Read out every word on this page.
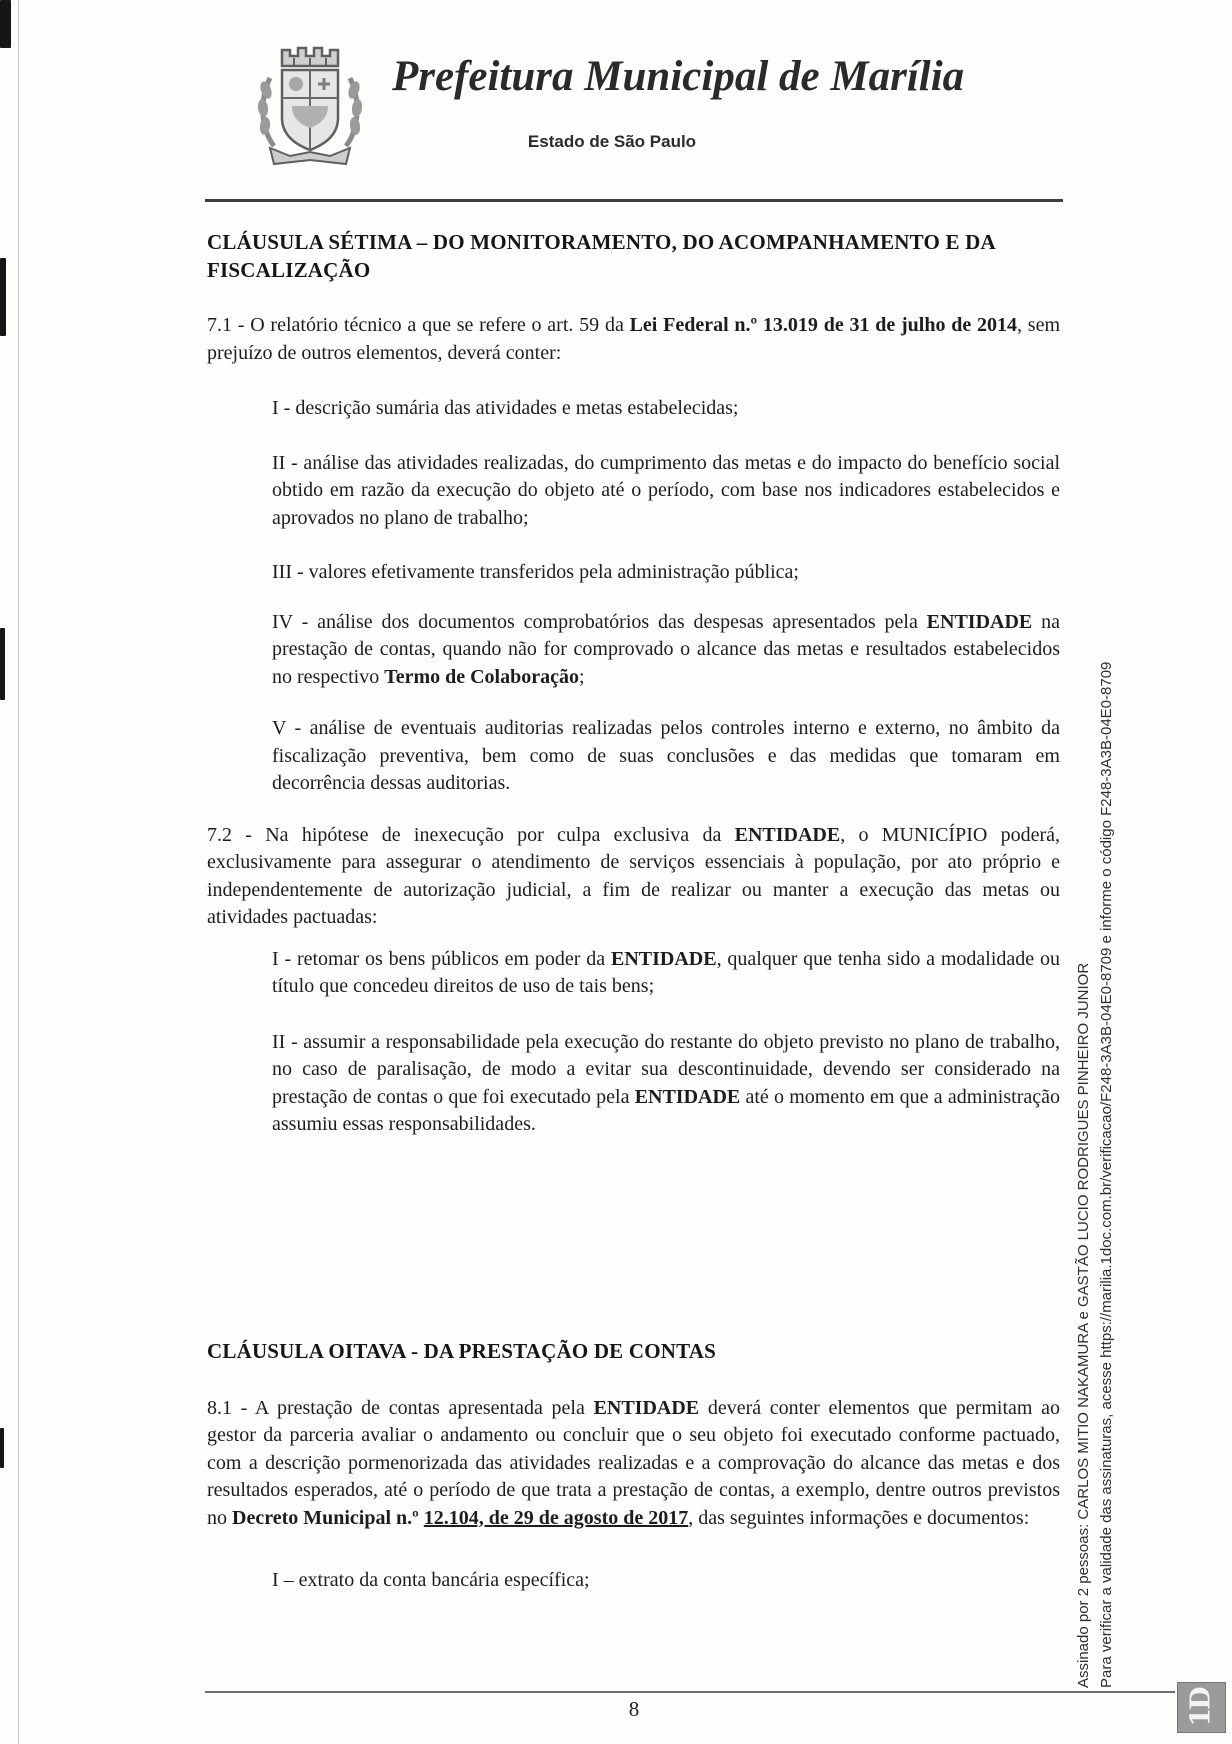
Prefeitura Municipal de Marília
Estado de São Paulo
CLÁUSULA SÉTIMA – DO MONITORAMENTO, DO ACOMPANHAMENTO E DA FISCALIZAÇÃO
7.1 - O relatório técnico a que se refere o art. 59 da Lei Federal n.º 13.019 de 31 de julho de 2014, sem prejuízo de outros elementos, deverá conter:
I - descrição sumária das atividades e metas estabelecidas;
II - análise das atividades realizadas, do cumprimento das metas e do impacto do benefício social obtido em razão da execução do objeto até o período, com base nos indicadores estabelecidos e aprovados no plano de trabalho;
III - valores efetivamente transferidos pela administração pública;
IV - análise dos documentos comprobatórios das despesas apresentados pela ENTIDADE na prestação de contas, quando não for comprovado o alcance das metas e resultados estabelecidos no respectivo Termo de Colaboração;
V - análise de eventuais auditorias realizadas pelos controles interno e externo, no âmbito da fiscalização preventiva, bem como de suas conclusões e das medidas que tomaram em decorrência dessas auditorias.
7.2 - Na hipótese de inexecução por culpa exclusiva da ENTIDADE, o MUNICÍPIO poderá, exclusivamente para assegurar o atendimento de serviços essenciais à população, por ato próprio e independentemente de autorização judicial, a fim de realizar ou manter a execução das metas ou atividades pactuadas:
I - retomar os bens públicos em poder da ENTIDADE, qualquer que tenha sido a modalidade ou título que concedeu direitos de uso de tais bens;
II - assumir a responsabilidade pela execução do restante do objeto previsto no plano de trabalho, no caso de paralisação, de modo a evitar sua descontinuidade, devendo ser considerado na prestação de contas o que foi executado pela ENTIDADE até o momento em que a administração assumiu essas responsabilidades.
CLÁUSULA OITAVA - DA PRESTAÇÃO DE CONTAS
8.1 - A prestação de contas apresentada pela ENTIDADE deverá conter elementos que permitam ao gestor da parceria avaliar o andamento ou concluir que o seu objeto foi executado conforme pactuado, com a descrição pormenorizada das atividades realizadas e a comprovação do alcance das metas e dos resultados esperados, até o período de que trata a prestação de contas, a exemplo, dentre outros previstos no Decreto Municipal n.º 12.104, de 29 de agosto de 2017, das seguintes informações e documentos:
I – extrato da conta bancária específica;	Assinado por 2 pessoas: CARLOS MITIO NAKAMURA e GASTÃO LUCIO RODRIGUES PINHEIRO JUNIOR Para verificar a validade das assinaturas, acesse https://marilia.1doc.com.br/verificacao/F248-3A3B-04E0-8709 e informe o código F248-3A3B-04E0-8709
8	1D
